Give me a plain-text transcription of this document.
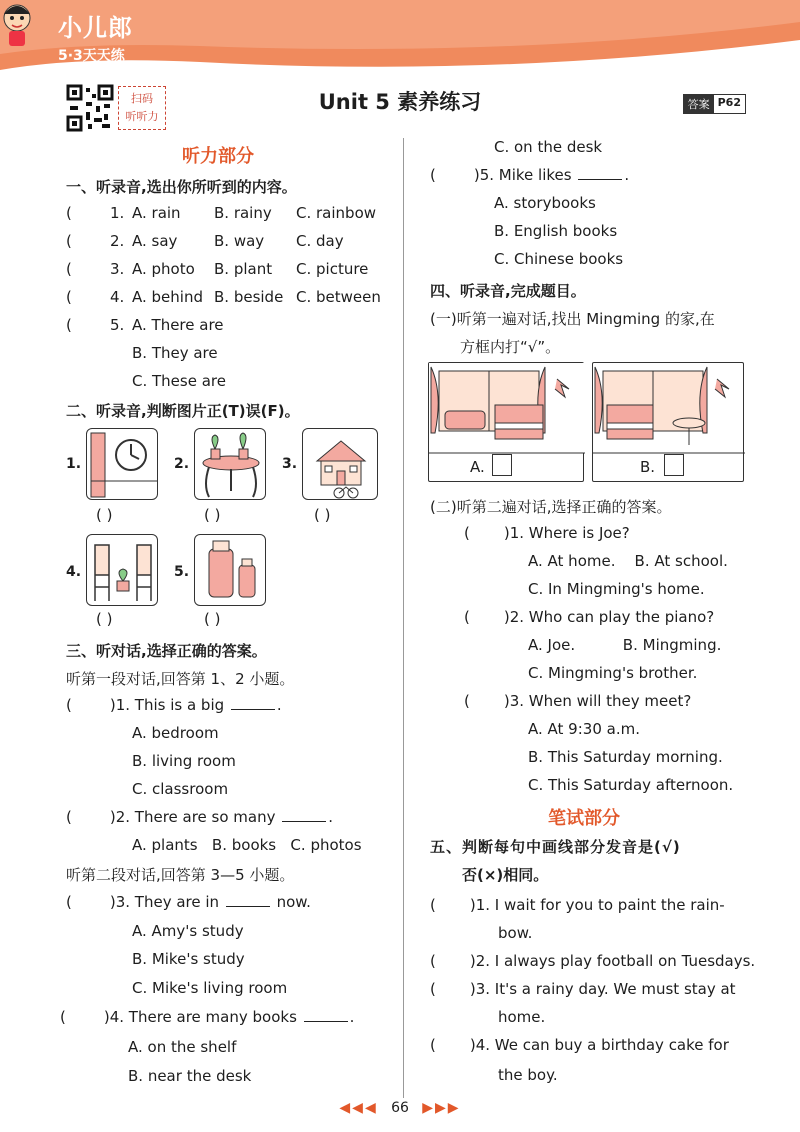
小儿郎
5·3天天练
扫码
听听力
Unit 5 素养练习	答案 P62
听力部分
一、听录音,选出你所听到的内容。
(	1. A. rain B. rainy C. rainbow
(	2. A. say B. way C. day
(	3. A. photo B. plant C. picture
(	4. A. behind B. beside C. between
(	5. A. There are
B. They are
C. These are
二、听录音,判断图片正(T)误(F)。
1.
( )
2.
( )
3.
( )
4.
( )
5.
( )
三、听对话,选择正确的答案。
听第一段对话,回答第 1、2 小题。
(	)1. This is a big	.
A. bedroom
B. living room
C. classroom
(	)2. There are so many	.
A. plants   B. books   C. photos
听第二段对话,回答第 3—5 小题。
(	)3. They are in	now.
A. Amy's study
B. Mike's study
C. Mike's living room
(	)4. There are many books	.
A. on the shelf
B. near the desk
C. on the desk
(	)5. Mike likes	.
A. storybooks
B. English books
C. Chinese books
四、听录音,完成题目。
(一)听第一遍对话,找出 Mingming 的家,在
方框内打“√”。
A.	B.
(二)听第二遍对话,选择正确的答案。
( )1. Where is Joe?
A. At home.    B. At school.
C. In Mingming's home.
( )2. Who can play the piano?
A. Joe.          B. Mingming.
C. Mingming's brother.
( )3. When will they meet?
A. At 9:30 a.m.
B. This Saturday morning.
C. This Saturday afternoon.
笔试部分
五、判断每句中画线部分发音是(√)
否(×)相同。
( )1. I wait for you to paint the rain-
bow.
( )2. I always play football on Tuesdays.
( )3. It's a rainy day. We must stay at
home.
( )4. We can buy a birthday cake for
the boy.
◀◀◀ 66 ▶▶▶
